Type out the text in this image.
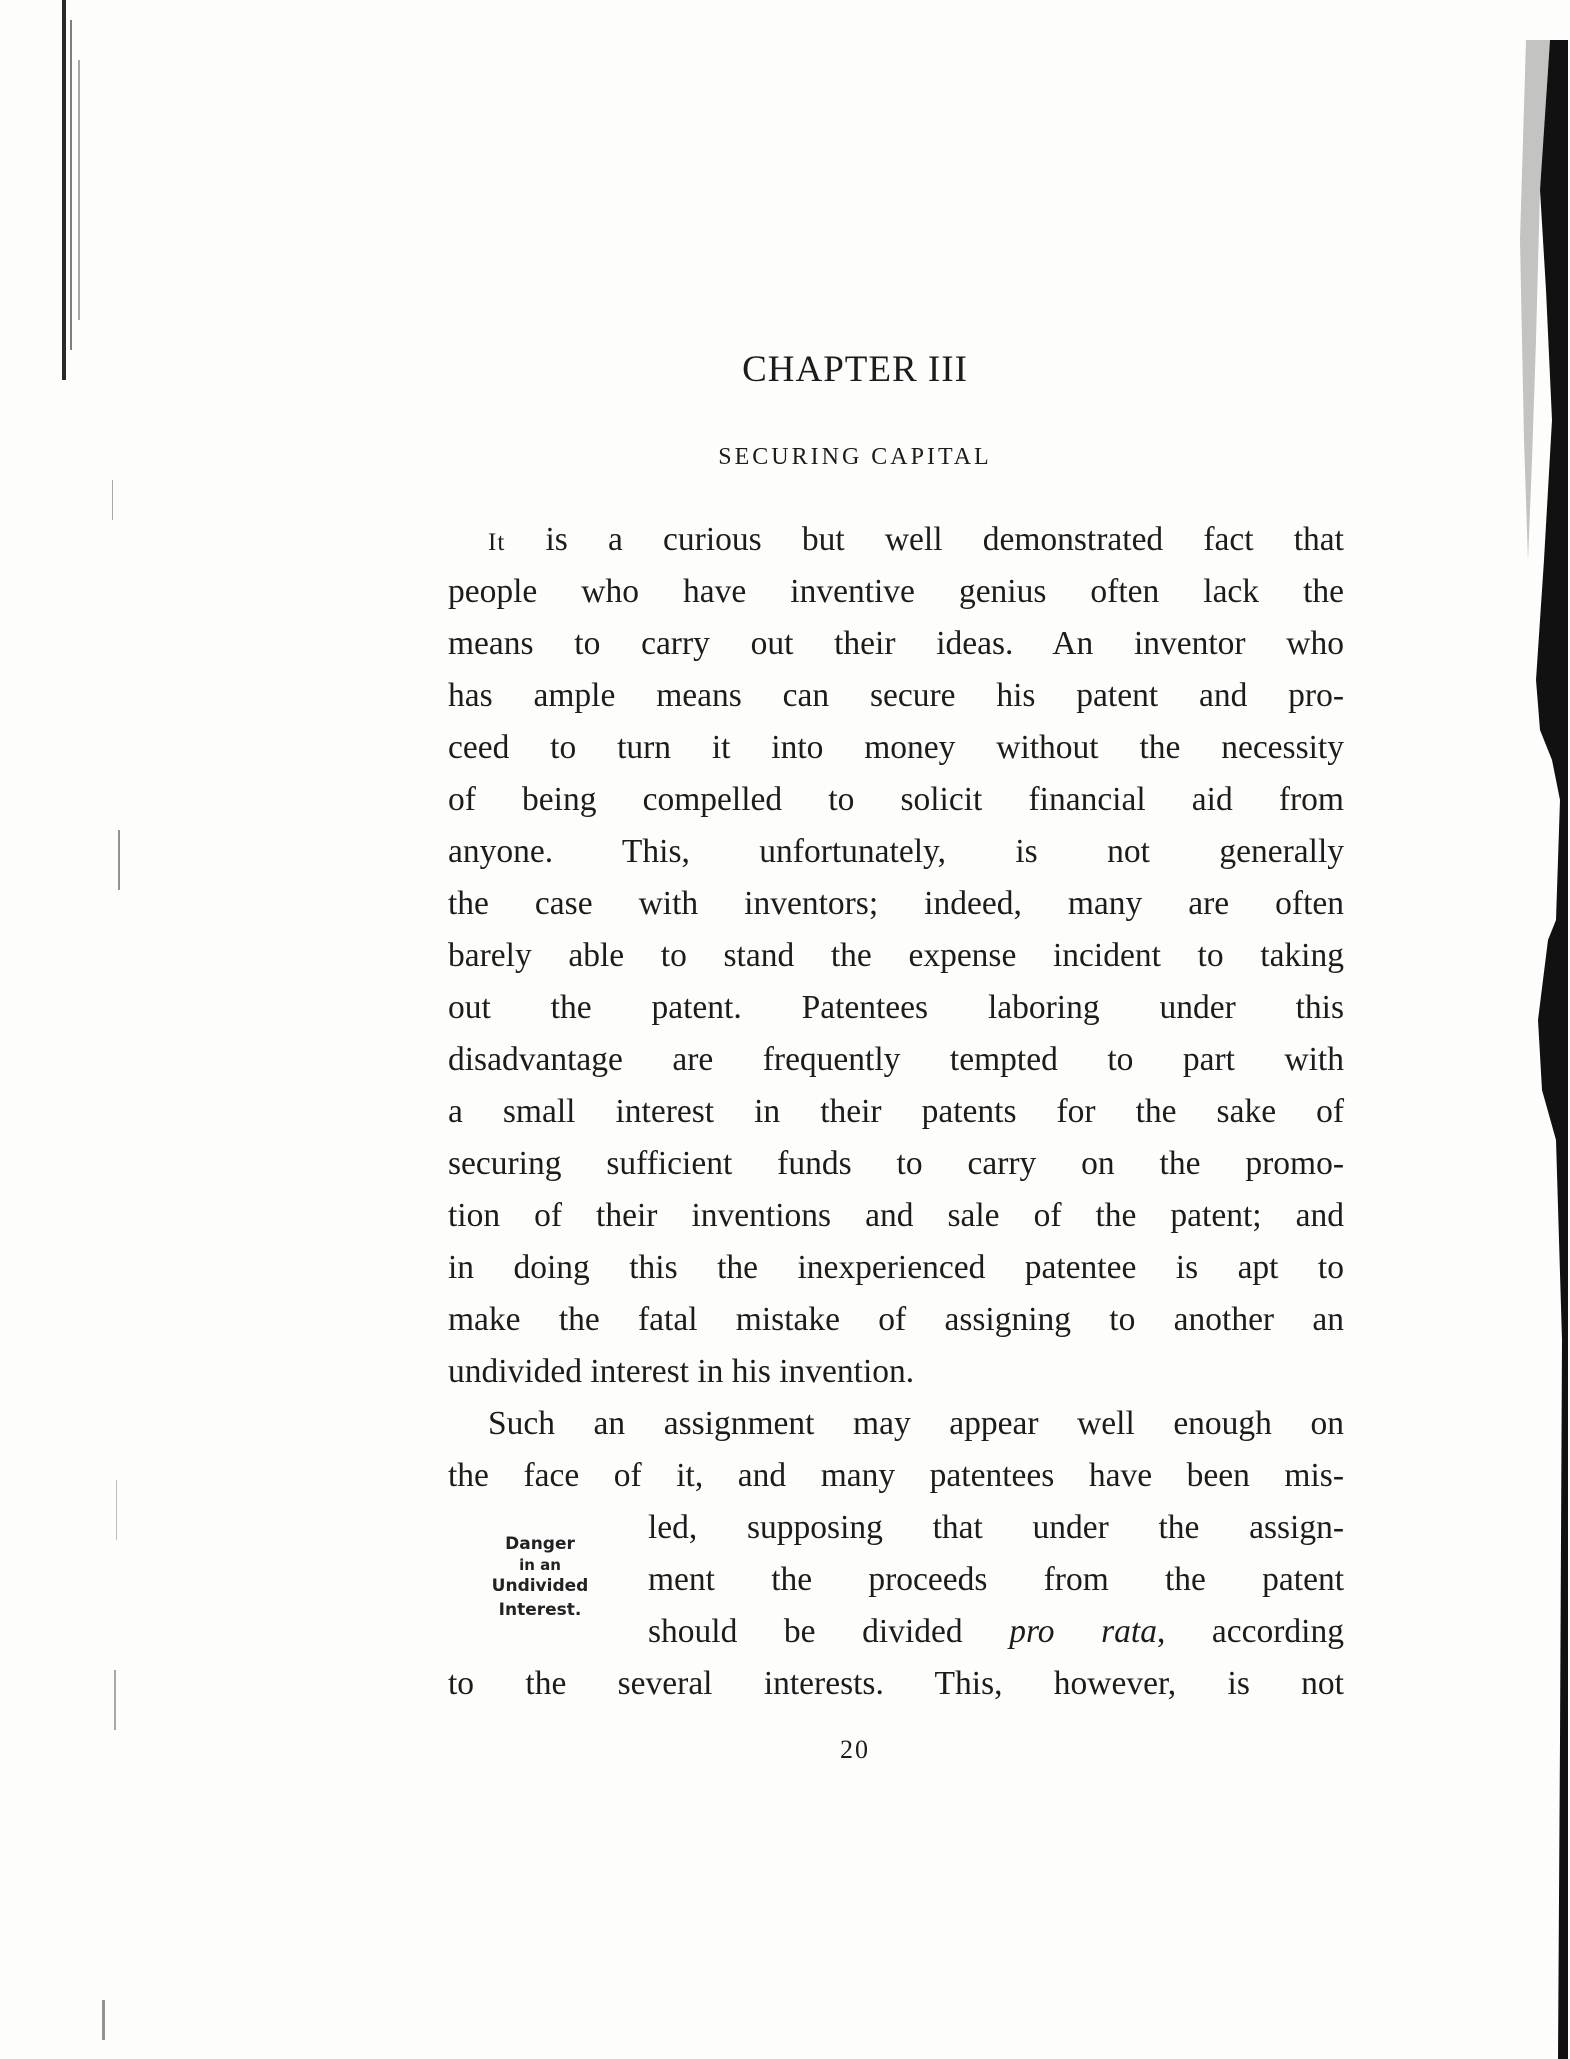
CHAPTER III
SECURING CAPITAL
It is a curious but well demonstrated fact that
people who have inventive genius often lack the
means to carry out their ideas. An inventor who
has ample means can secure his patent and pro-
ceed to turn it into money without the necessity
of being compelled to solicit financial aid from
anyone. This, unfortunately, is not generally
the case with inventors; indeed, many are often
barely able to stand the expense incident to taking
out the patent. Patentees laboring under this
disadvantage are frequently tempted to part with
a small interest in their patents for the sake of
securing sufficient funds to carry on the promo-
tion of their inventions and sale of the patent; and
in doing this the inexperienced patentee is apt to
make the fatal mistake of assigning to another an
undivided interest in his invention.
Such an assignment may appear well enough on
the face of it, and many patentees have been mis-
led, supposing that under the assign-
ment the proceeds from the patent
should be divided pro rata, according
to the several interests. This, however, is not
Danger
in an
Undivided
Interest.
20
